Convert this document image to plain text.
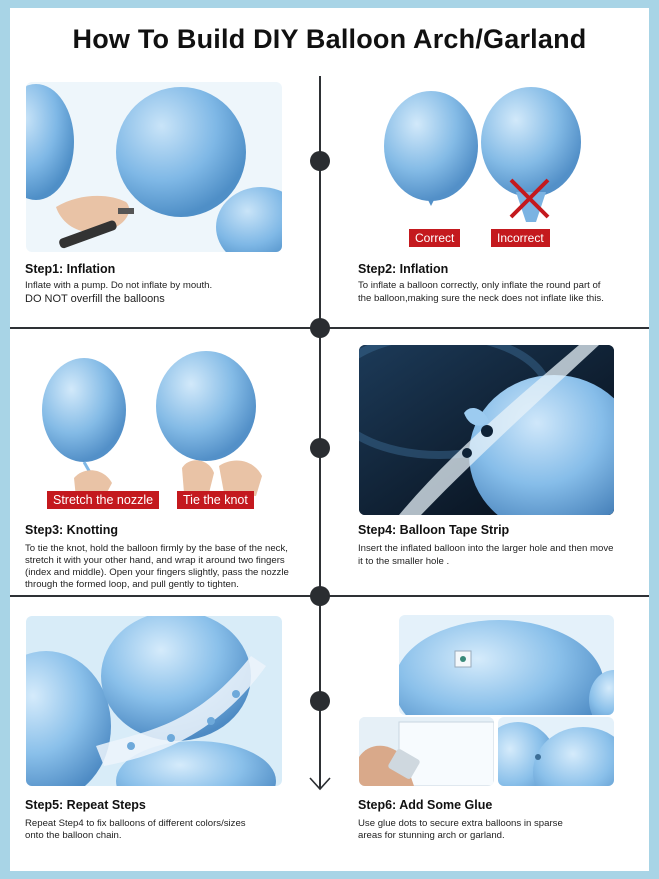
How To Build DIY Balloon Arch/Garland
Step1: Inflation
Inflate with a pump. Do not inflate by mouth.
DO NOT overfill the balloons
Correct	Incorrect
Step2: Inflation
To inflate a balloon correctly, only inflate the round part of
the balloon,making sure the neck does not inflate like this.
Stretch the nozzle	Tie the knot
Step3: Knotting
To tie the knot, hold the balloon firmly by the base of the neck,
stretch it with your other hand, and wrap it around two fingers
(index and middle). Open your fingers slightly, pass the nozzle
through the formed loop, and pull gently to tighten.
Step4: Balloon Tape Strip
Insert the inflated balloon into the larger hole and then move
it to the smaller hole .
Step5: Repeat Steps
Repeat Step4 to fix balloons of different colors/sizes
onto the balloon chain.
Step6: Add Some Glue
Use glue dots to secure extra balloons in sparse
areas for stunning arch or garland.
